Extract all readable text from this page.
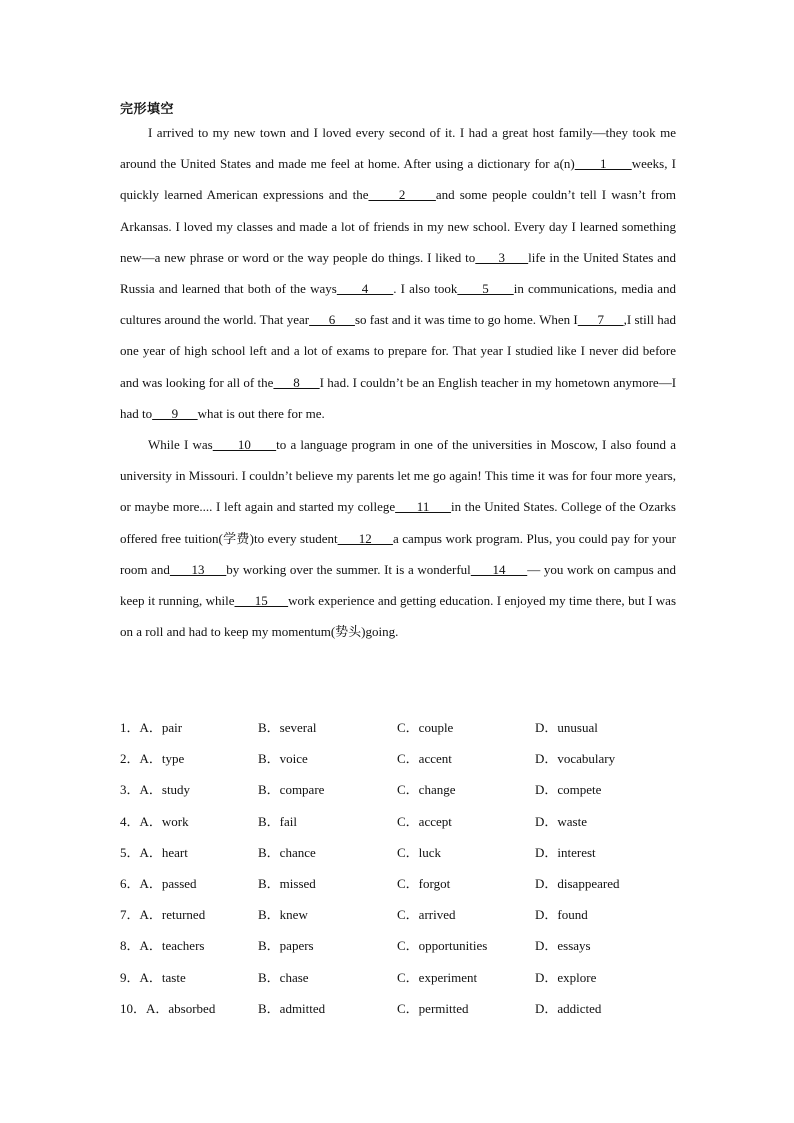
完形填空

I arrived to my new town and I loved every second of it. I had a great host family—they took me around the United States and made me feel at home. After using a dictionary for a(n)      1      weeks, I quickly learned American expressions and the      2      and some people couldn’t tell I wasn’t from Arkansas. I loved my classes and made a lot of friends in my new school. Every day I learned something new—a new phrase or word or the way people do things. I liked to      3      life in the United States and Russia and learned that both of the ways      4      . I also took      5      in communications, media and cultures around the world. That year      6      so fast and it was time to go home. When I      7      ,I still had one year of high school left and a lot of exams to prepare for. That year I studied like I never did before and was looking for all of the      8      I had. I couldn’t be an English teacher in my hometown anymore—I had to      9      what is out there for me.

While I was      10      to a language program in one of the universities in Moscow, I also found a university in Missouri. I couldn’t believe my parents let me go again! This time it was for four more years, or maybe more.... I left again and started my college      11      in the United States. College of the Ozarks offered free tuition(学费)to every student      12      a campus work program. Plus, you could pay for your room and      13      by working over the summer. It is a wonderful      14      — you work on campus and keep it running, while      15      work experience and getting education. I enjoyed my time there, but I was on a roll and had to keep my momentum(势头)going.

1．A．pair	B．several	C．couple	D．unusual
2．A．type	B．voice	C．accent	D．vocabulary
3．A．study	B．compare	C．change	D．compete
4．A．work	B．fail	C．accept	D．waste
5．A．heart	B．chance	C．luck	D．interest
6．A．passed	B．missed	C．forgot	D．disappeared
7．A．returned	B．knew	C．arrived	D．found
8．A．teachers	B．papers	C．opportunities	D．essays
9．A．taste	B．chase	C．experiment	D．explore
10．A．absorbed	B．admitted	C．permitted	D．addicted
